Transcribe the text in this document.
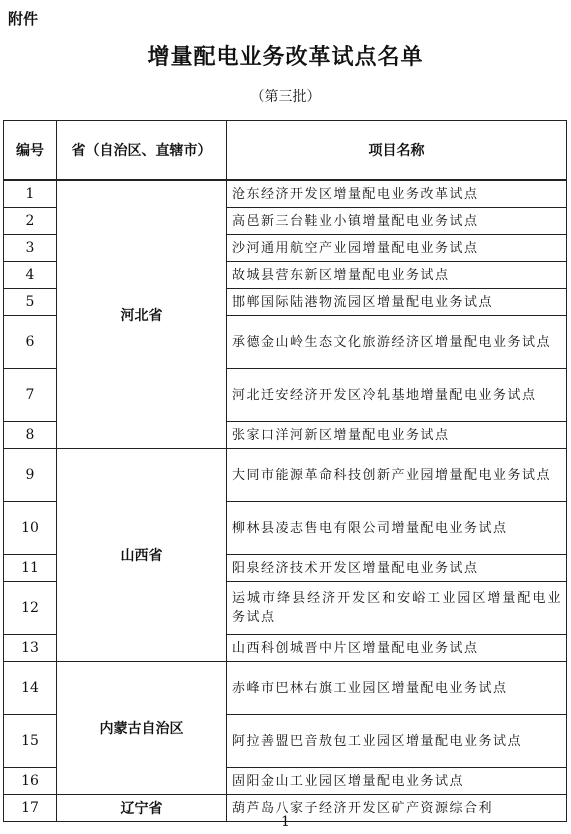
附件
增量配电业务改革试点名单
（第三批）
编号	省（自治区、直辖市）	项目名称
1	河北省	沧东经济开发区增量配电业务改革试点
2		高邑新三台鞋业小镇增量配电业务试点
3		沙河通用航空产业园增量配电业务试点
4		故城县营东新区增量配电业务试点
5		邯郸国际陆港物流园区增量配电业务试点
6		承德金山岭生态文化旅游经济区增量配电业务试点
7		河北迁安经济开发区冷轧基地增量配电业务试点
8		张家口洋河新区增量配电业务试点
9	山西省	大同市能源革命科技创新产业园增量配电业务试点
10		柳林县凌志售电有限公司增量配电业务试点
11		阳泉经济技术开发区增量配电业务试点
12		运城市绛县经济开发区和安峪工业园区增量配电业务试点
13		山西科创城晋中片区增量配电业务试点
14	内蒙古自治区	赤峰市巴林右旗工业园区增量配电业务试点
15		阿拉善盟巴音敖包工业园区增量配电业务试点
16		固阳金山工业园区增量配电业务试点
17	辽宁省	葫芦岛八家子经济开发区矿产资源综合利
1
